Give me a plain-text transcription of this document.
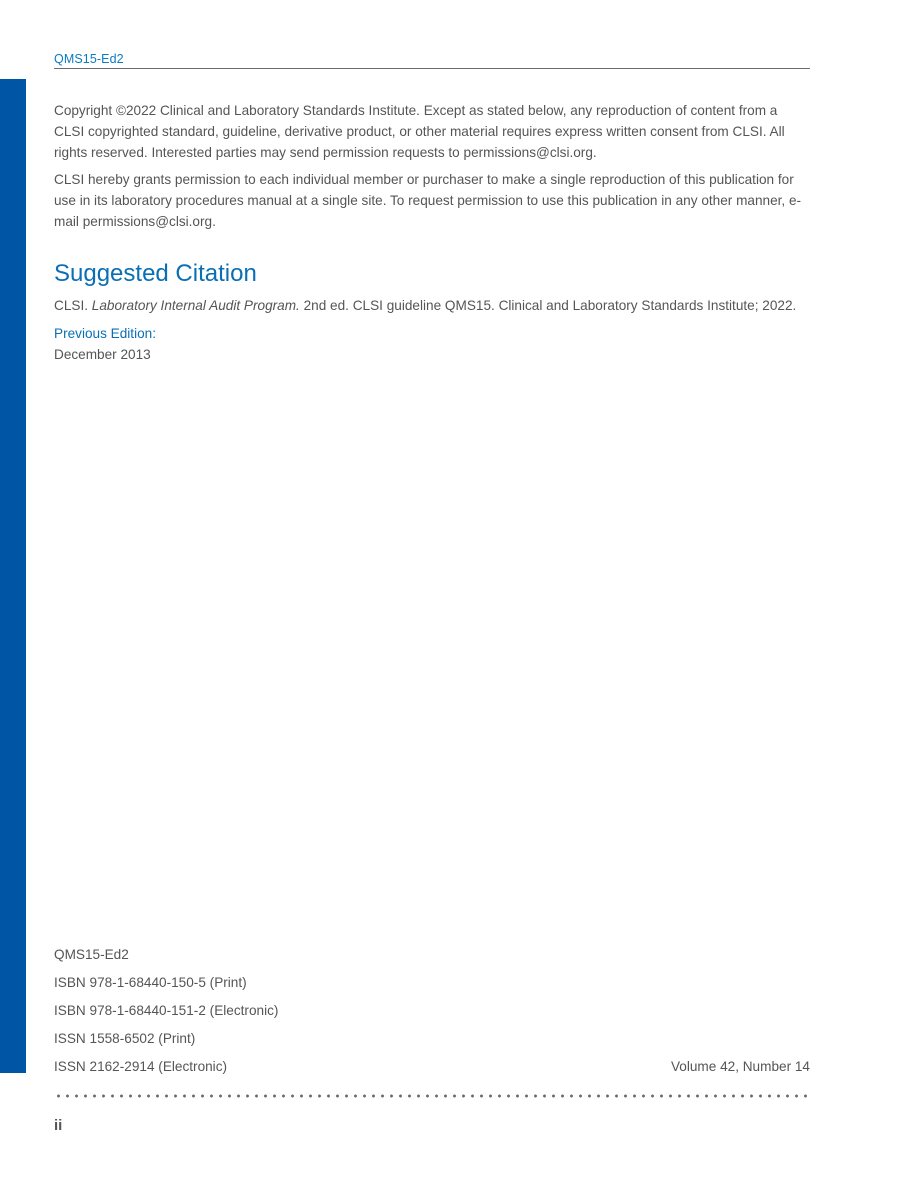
QMS15-Ed2

Copyright ©2022 Clinical and Laboratory Standards Institute. Except as stated below, any reproduction of content from a CLSI copyrighted standard, guideline, derivative product, or other material requires express written consent from CLSI. All rights reserved. Interested parties may send permission requests to permissions@clsi.org.

CLSI hereby grants permission to each individual member or purchaser to make a single reproduction of this publication for use in its laboratory procedures manual at a single site. To request permission to use this publication in any other manner, e-mail permissions@clsi.org.

Suggested Citation
CLSI. Laboratory Internal Audit Program. 2nd ed. CLSI guideline QMS15. Clinical and Laboratory Standards Institute; 2022.
Previous Edition:
December 2013
QMS15-Ed2
ISBN 978-1-68440-150-5 (Print)
ISBN 978-1-68440-151-2 (Electronic)
ISSN 1558-6502 (Print)
ISSN 2162-2914 (Electronic)	Volume 42, Number 14
ii
